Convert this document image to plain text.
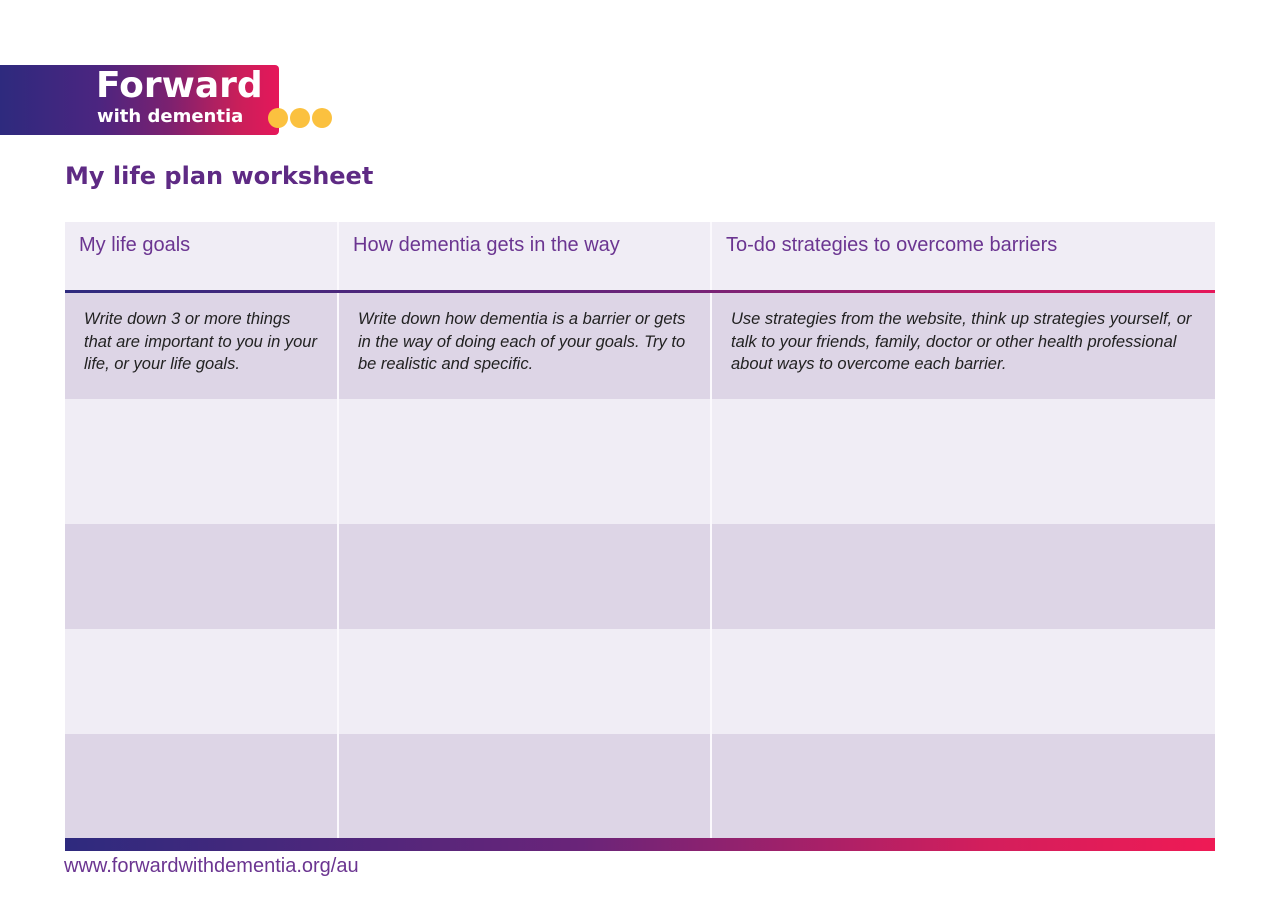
Forward
with dementia
My life plan worksheet
My life goals	How dementia gets in the way	To-do strategies to overcome barriers
Write down 3 or more things that are important to you in your life, or your life goals.
Write down how dementia is a barrier or gets in the way of doing each of your goals. Try to be realistic and specific.
Use strategies from the website, think up strategies yourself, or talk to your friends, family, doctor or other health professional about ways to overcome each barrier.
www.forwardwithdementia.org/au
